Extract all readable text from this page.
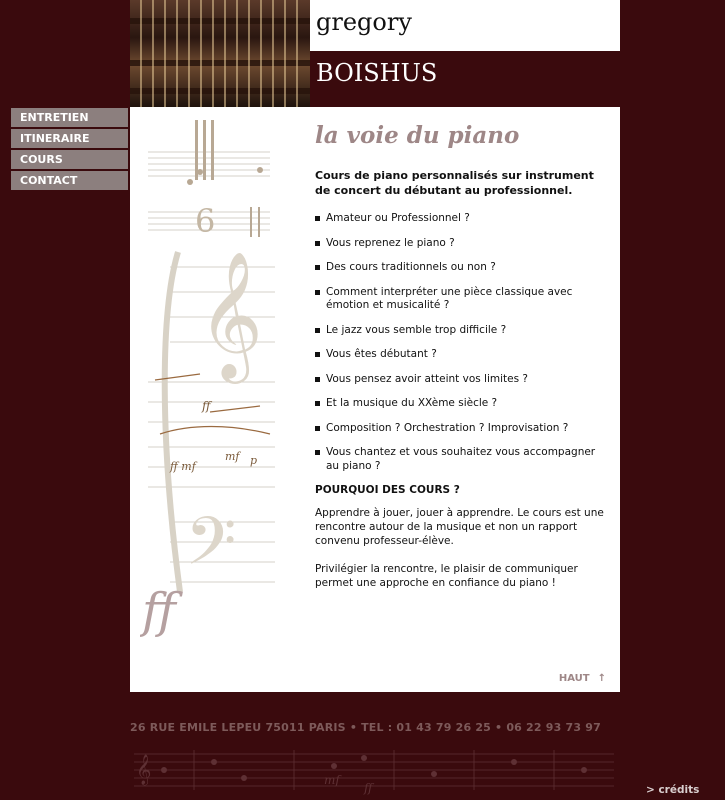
gregory
BOISHUS
ENTRETIEN
ITINERAIRE
COURS
CONTACT
𝄞
𝄢
6
ff
ff mf
mf p
ff
la voie du piano

Cours de piano personnalisés sur instrument de concert du débutant au professionnel.

Amateur ou Professionnel ?
Vous reprenez le piano ?
Des cours traditionnels ou non ?
Comment interpréter une pièce classique avec émotion et musicalité ?
Le jazz vous semble trop difficile ?
Vous êtes débutant ?
Vous pensez avoir atteint vos limites ?
Et la musique du XXème siècle ?
Composition ? Orchestration ? Improvisation ?
Vous chantez et vous souhaitez vous accompagner au piano ?

POURQUOI DES COURS ?

Apprendre à jouer, jouer à apprendre. Le cours est une rencontre autour de la musique et non un rapport convenu professeur-élève.

Privilégier la rencontre, le plaisir de communiquer permet une approche en confiance du piano !

HAUT ↑
26 RUE EMILE LEPEU 75011 PARIS • TEL : 01 43 79 26 25 • 06 22 93 73 97
𝄞	mf
ff	> crédits
